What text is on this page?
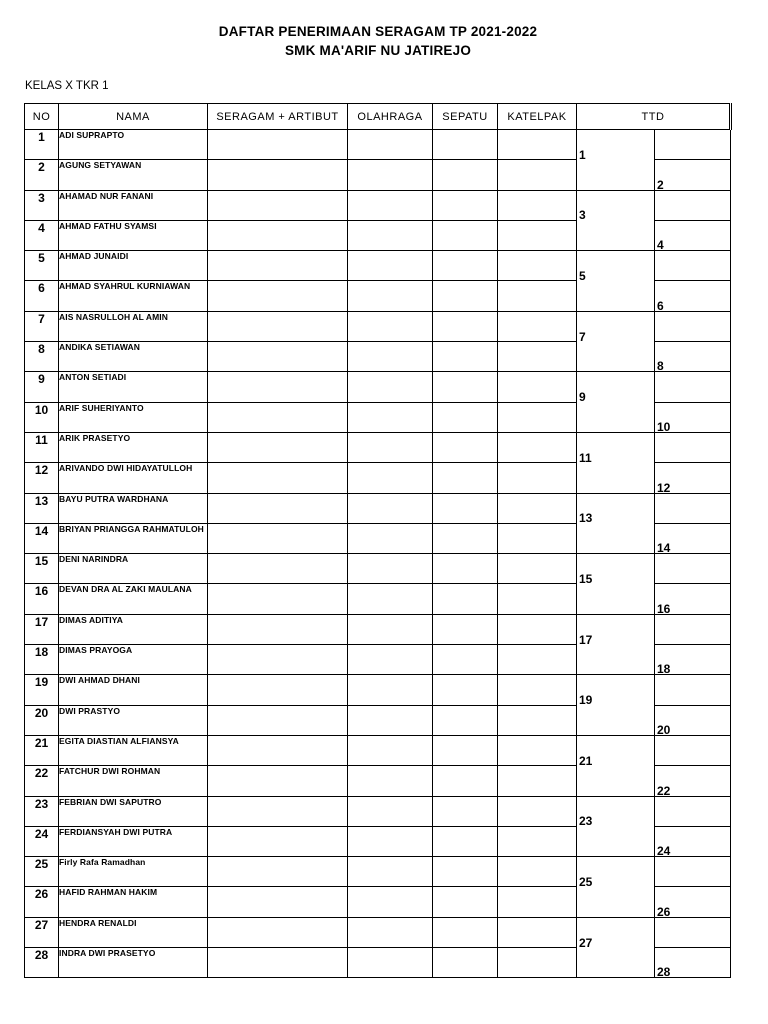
DAFTAR PENERIMAAN SERAGAM TP 2021-2022
SMK MA'ARIF NU JATIREJO
KELAS X TKR 1
NO	NAMA	SERAGAM + ARTIBUT	OLAHRAGA	SEPATU	KATELPAK	TTD	
1	ADI SUPRAPTO					1	

2	AGUNG SETYAWAN						2

3	AHAMAD NUR FANANI					3	

4	AHMAD FATHU SYAMSI						4

5	AHMAD JUNAIDI					5	

6	AHMAD SYAHRUL KURNIAWAN						6

7	AIS NASRULLOH AL AMIN					7	

8	ANDIKA SETIAWAN						8

9	ANTON SETIADI					9	

10	ARIF SUHERIYANTO						10

11	ARIK PRASETYO					11	

12	ARIVANDO DWI HIDAYATULLOH						12

13	BAYU PUTRA WARDHANA					13	

14	BRIYAN PRIANGGA RAHMATULOH						14

15	DENI NARINDRA					15	

16	DEVAN DRA AL ZAKI MAULANA						16

17	DIMAS ADITIYA					17	

18	DIMAS PRAYOGA						18

19	DWI AHMAD DHANI					19	

20	DWI PRASTYO						20

21	EGITA DIASTIAN ALFIANSYA					21	

22	FATCHUR DWI ROHMAN						22

23	FEBRIAN DWI SAPUTRO					23	

24	FERDIANSYAH DWI PUTRA						24

25	Firly Rafa Ramadhan					25	

26	HAFID RAHMAN HAKIM						26

27	HENDRA RENALDI					27	

28	INDRA DWI PRASETYO						28
